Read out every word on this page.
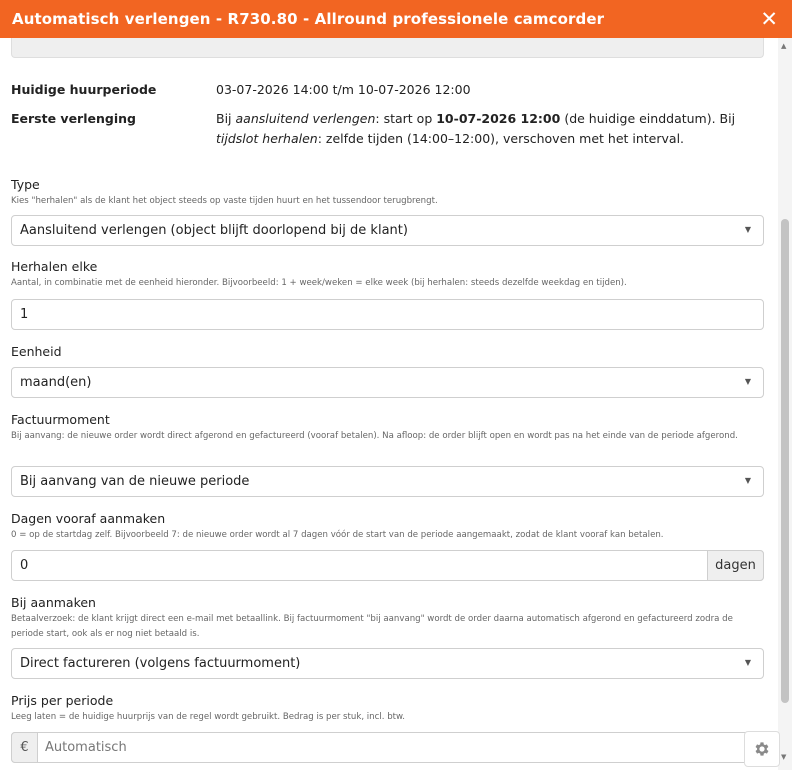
Automatisch verlengen - R730.80 - Allround professionele camcorder	✕
Huidige huurperiode	03-07-2026 14:00 t/m 10-07-2026 12:00
Eerste verlenging	Bij aansluitend verlengen: start op 10-07-2026 12:00 (de huidige einddatum). Bij tijdslot herhalen: zelfde tijden (14:00–12:00), verschoven met het interval.
Type
Kies "herhalen" als de klant het object steeds op vaste tijden huurt en het tussendoor terugbrengt.
Aansluitend verlengen (object blijft doorlopend bij de klant)	▼
Herhalen elke
Aantal, in combinatie met de eenheid hieronder. Bijvoorbeeld: 1 + week/weken = elke week (bij herhalen: steeds dezelfde weekdag en tijden).
1
Eenheid
maand(en)	▼
Factuurmoment
Bij aanvang: de nieuwe order wordt direct afgerond en gefactureerd (vooraf betalen). Na afloop: de order blijft open en wordt pas na het einde van de periode afgerond.
Bij aanvang van de nieuwe periode	▼
Dagen vooraf aanmaken
0 = op de startdag zelf. Bijvoorbeeld 7: de nieuwe order wordt al 7 dagen vóór de start van de periode aangemaakt, zodat de klant vooraf kan betalen.
0	dagen
Bij aanmaken
Betaalverzoek: de klant krijgt direct een e-mail met betaallink. Bij factuurmoment "bij aanvang" wordt de order daarna automatisch afgerond en gefactureerd zodra de periode start, ook als er nog niet betaald is.
Direct factureren (volgens factuurmoment)	▼
Prijs per periode
Leeg laten = de huidige huurprijs van de regel wordt gebruikt. Bedrag is per stuk, incl. btw.
€	Automatisch
▲
▼
